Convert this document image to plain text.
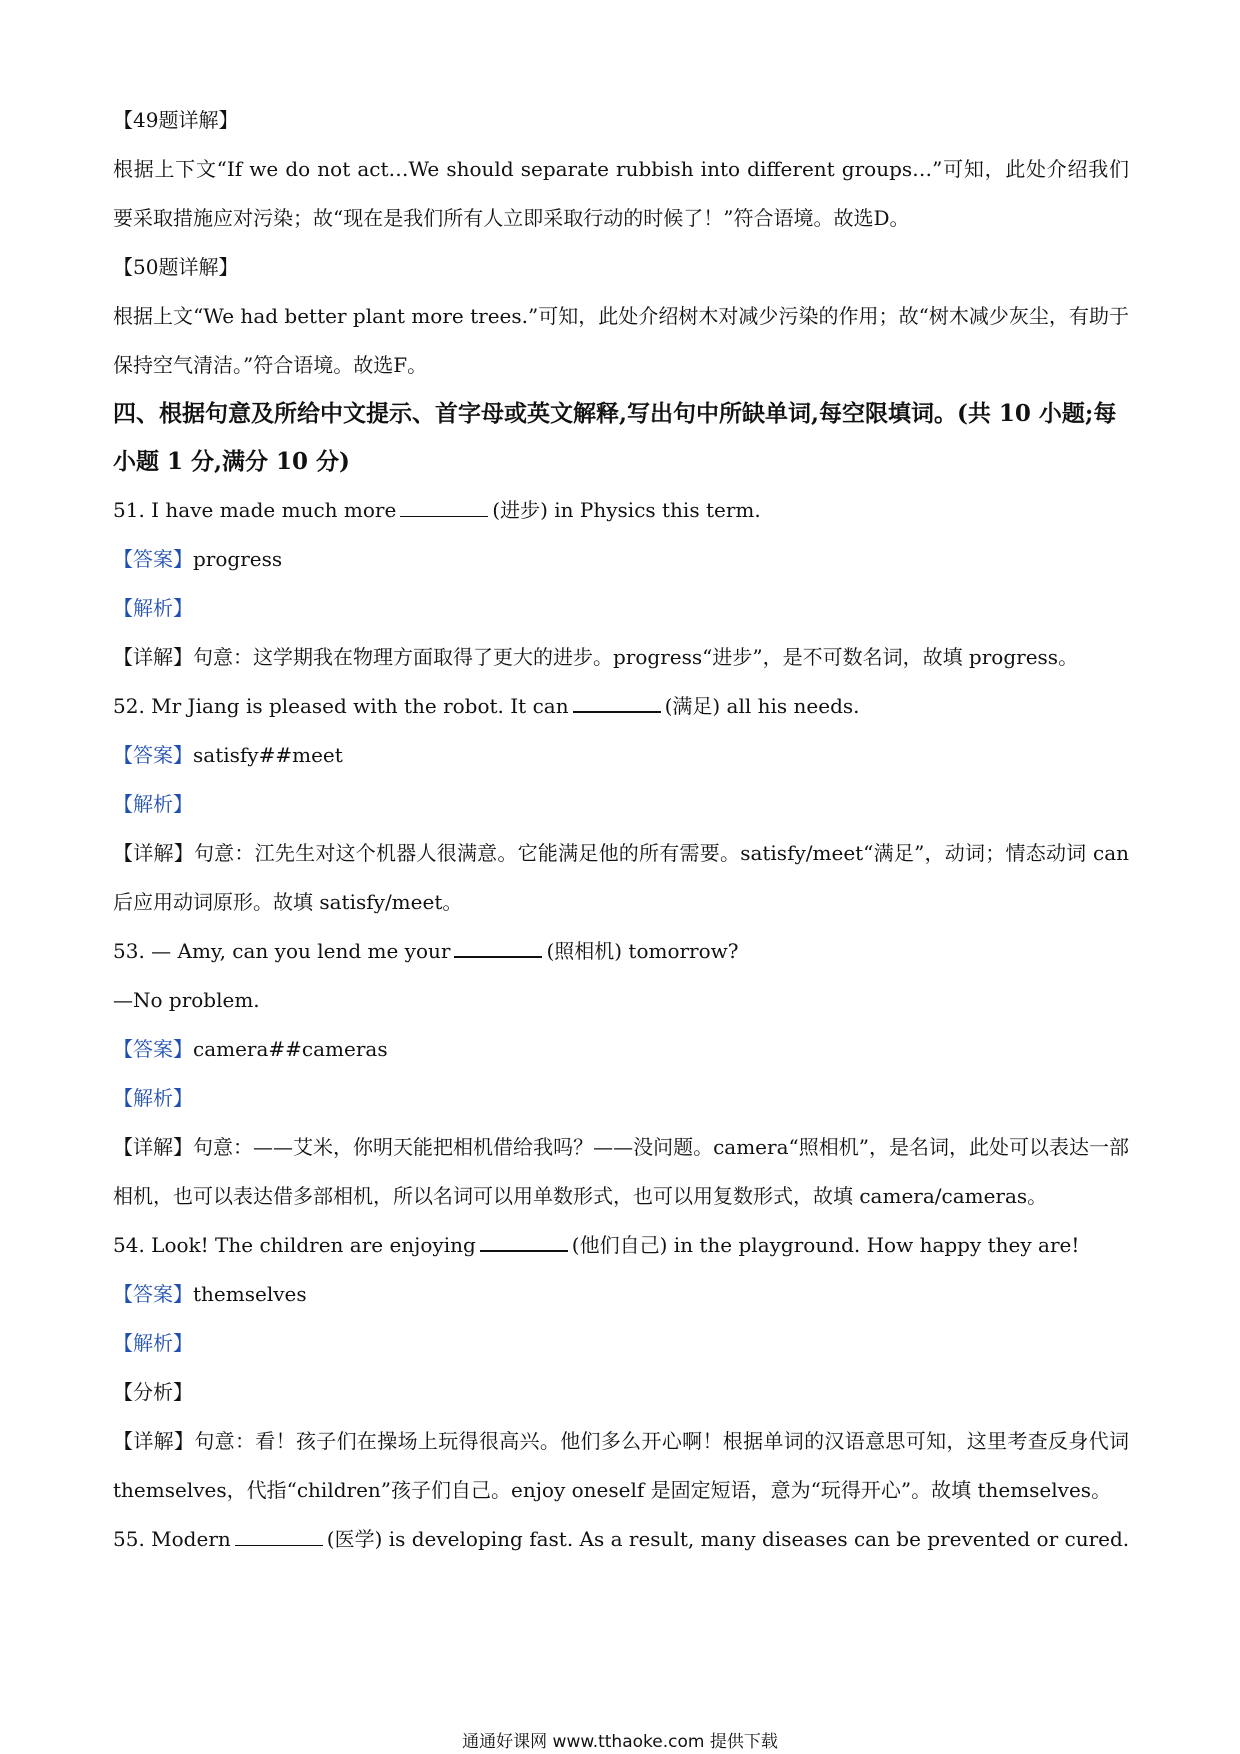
【49题详解】

根据上下文“If we do not act…We should separate rubbish into different groups…”可知，此处介绍我们要采取措施应对污染；故“现在是我们所有人立即采取行动的时候了！”符合语境。故选D。

【50题详解】

根据上文“We had better plant more trees.”可知，此处介绍树木对减少污染的作用；故“树木减少灰尘，有助于保持空气清洁。”符合语境。故选F。

四、根据句意及所给中文提示、首字母或英文解释,写出句中所缺单词,每空限填词。(共 10 小题;每小题 1 分,满分 10 分)

51. I have made much more	(进步) in Physics this term.
【答案】progress
【解析】
【详解】句意：这学期我在物理方面取得了更大的进步。progress“进步”，是不可数名词，故填 progress。
52. Mr Jiang is pleased with the robot. It can	(满足) all his needs.
【答案】satisfy##meet
【解析】

【详解】句意：江先生对这个机器人很满意。它能满足他的所有需要。satisfy/meet“满足”，动词；情态动词 can 后应用动词原形。故填 satisfy/meet。

53. — Amy, can you lend me your	(照相机) tomorrow?
—No problem.
【答案】camera##cameras
【解析】

【详解】句意：——艾米，你明天能把相机借给我吗？——没问题。camera“照相机”，是名词，此处可以表达一部相机，也可以表达借多部相机，所以名词可以用单数形式，也可以用复数形式，故填 camera/cameras。

54. Look! The children are enjoying	(他们自己) in the playground. How happy they are!
【答案】themselves
【解析】
【分析】

【详解】句意：看！孩子们在操场上玩得很高兴。他们多么开心啊！根据单词的汉语意思可知，这里考查反身代词 themselves，代指“children”孩子们自己。enjoy oneself 是固定短语，意为“玩得开心”。故填 themselves。

55. Modern	(医学) is developing fast. As a result, many diseases can be prevented or cured.
通通好课网 www.tthaoke.com 提供下载
